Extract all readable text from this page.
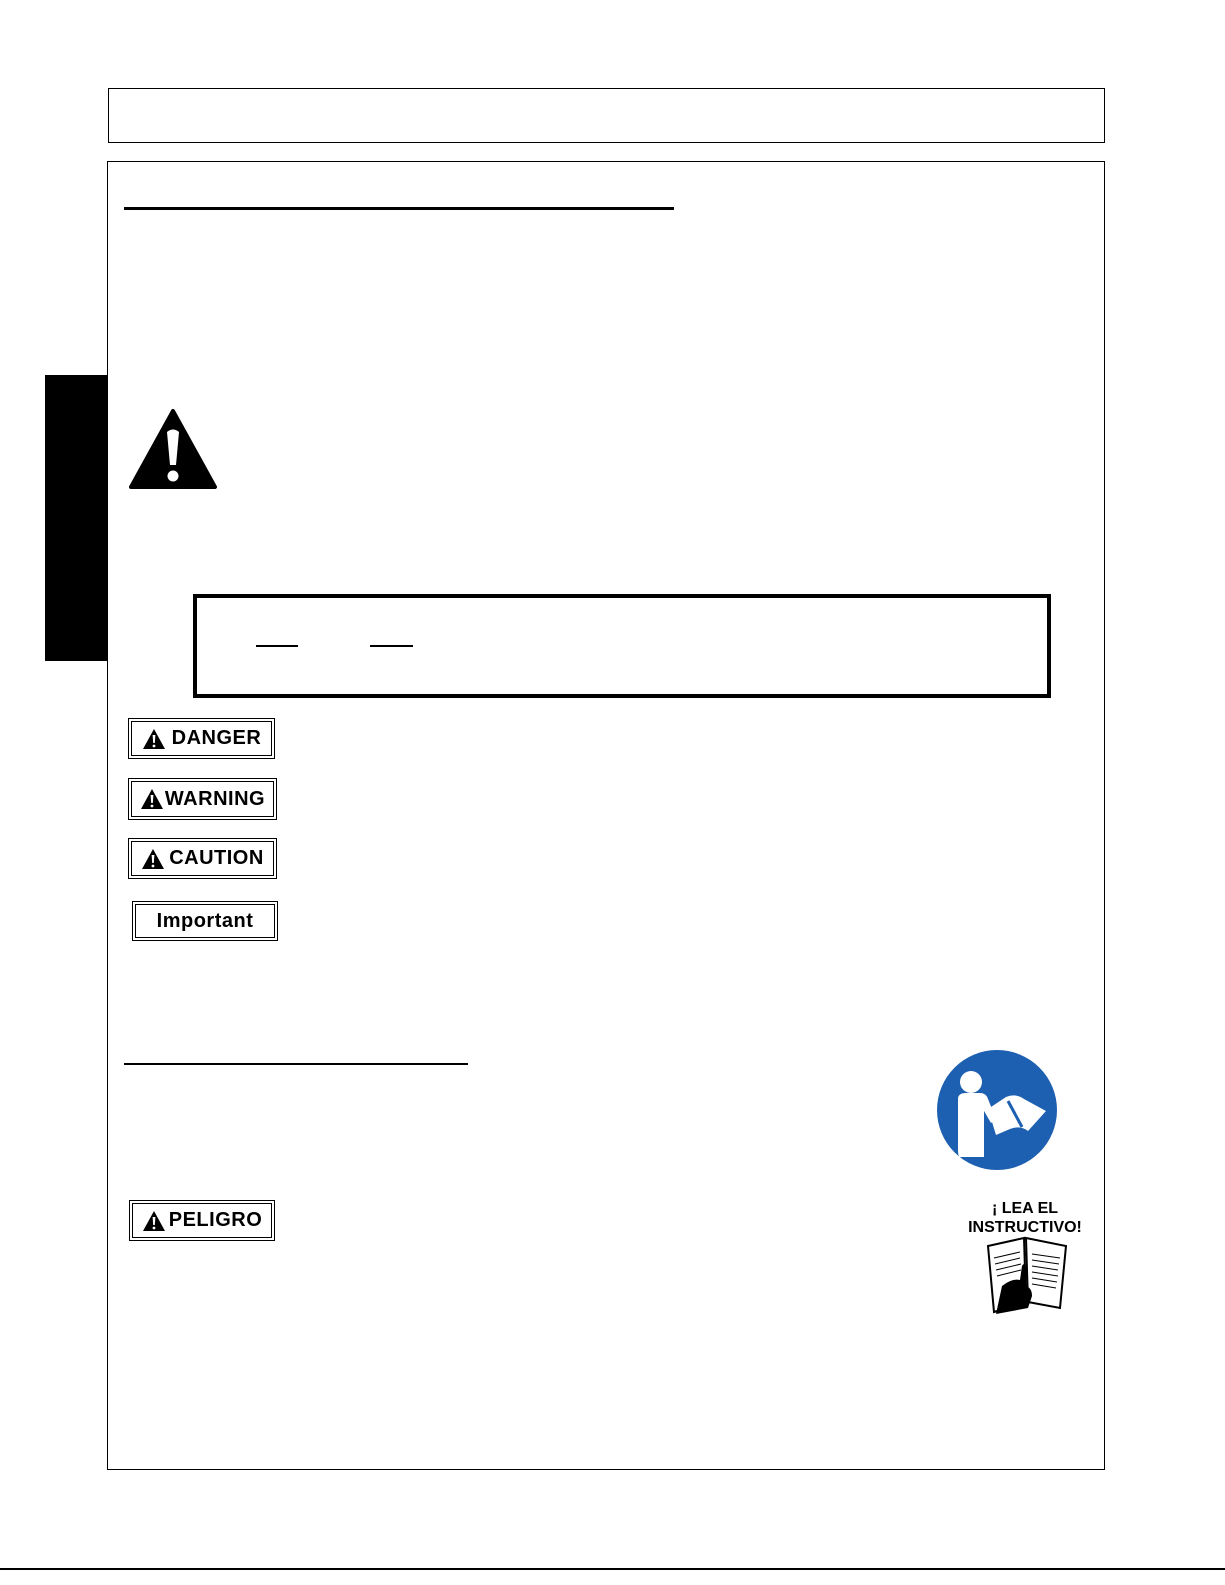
DANGER
WARNING
CAUTION
Important
PELIGRO
¡ LEA EL
INSTRUCTIVO!
